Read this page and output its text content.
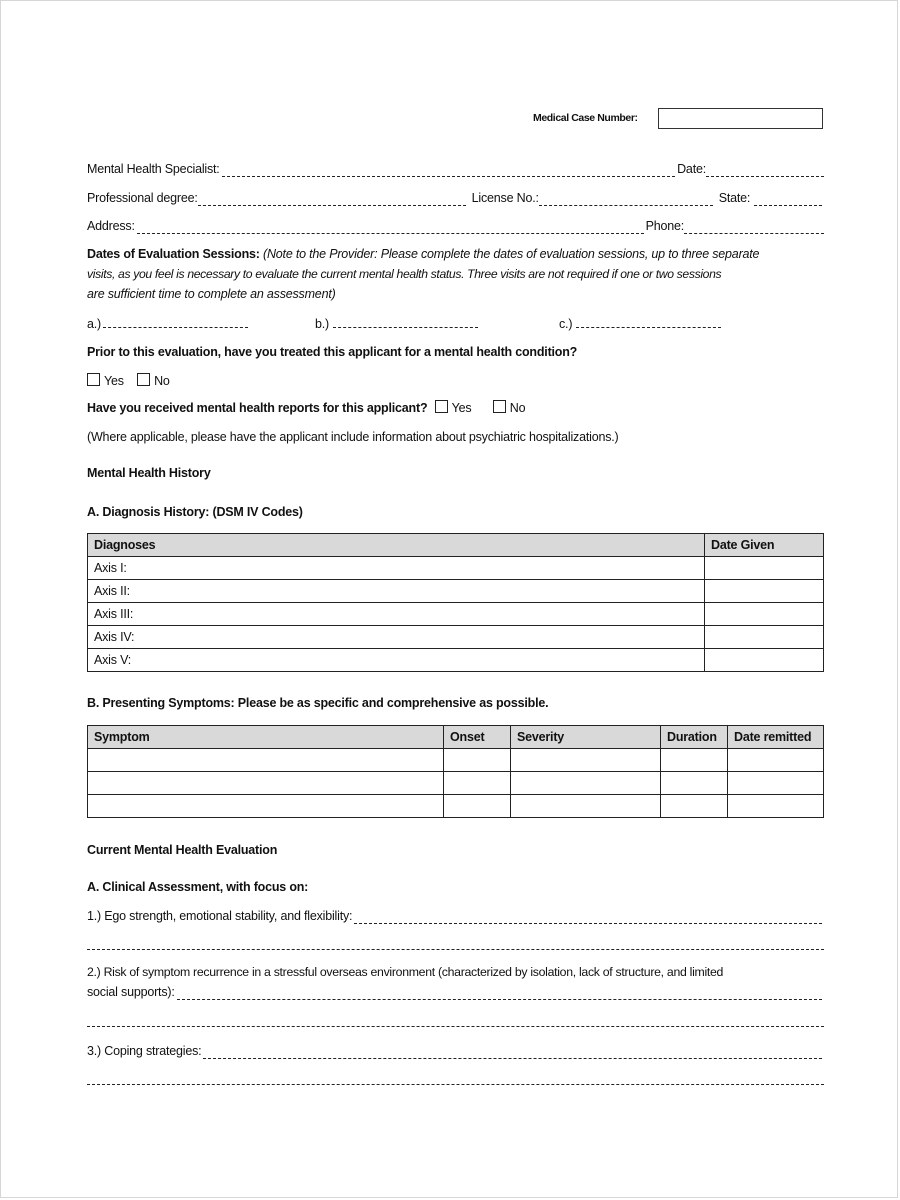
Medical Case Number:
Mental Health Specialist:	Date:
Professional degree:	License No.:	State:
Address:	Phone:
Dates of Evaluation Sessions: (Note to the Provider: Please complete the dates of evaluation sessions, up to three separate
visits, as you feel is necessary to evaluate the current mental health status. Three visits are not required if one or two sessions
are sufficient time to complete an assessment)
a.)	b.)	c.)
Prior to this evaluation, have you treated this applicant for a mental health condition?
Yes No
Have you received mental health reports for this applicant? Yes	No
(Where applicable, please have the applicant include information about psychiatric hospitalizations.)
Mental Health History
A. Diagnosis History: (DSM IV Codes)
Diagnoses	Date Given
Axis I:	
Axis II:	
Axis III:	
Axis IV:	
Axis V:	
B. Presenting Symptoms: Please be as specific and comprehensive as possible.
Symptom	Onset	Severity	Duration	Date remitted

Current Mental Health Evaluation
A. Clinical Assessment, with focus on:
1.) Ego strength, emotional stability, and flexibility:
2.) Risk of symptom recurrence in a stressful overseas environment (characterized by isolation, lack of structure, and limited
social supports):
3.) Coping strategies:
